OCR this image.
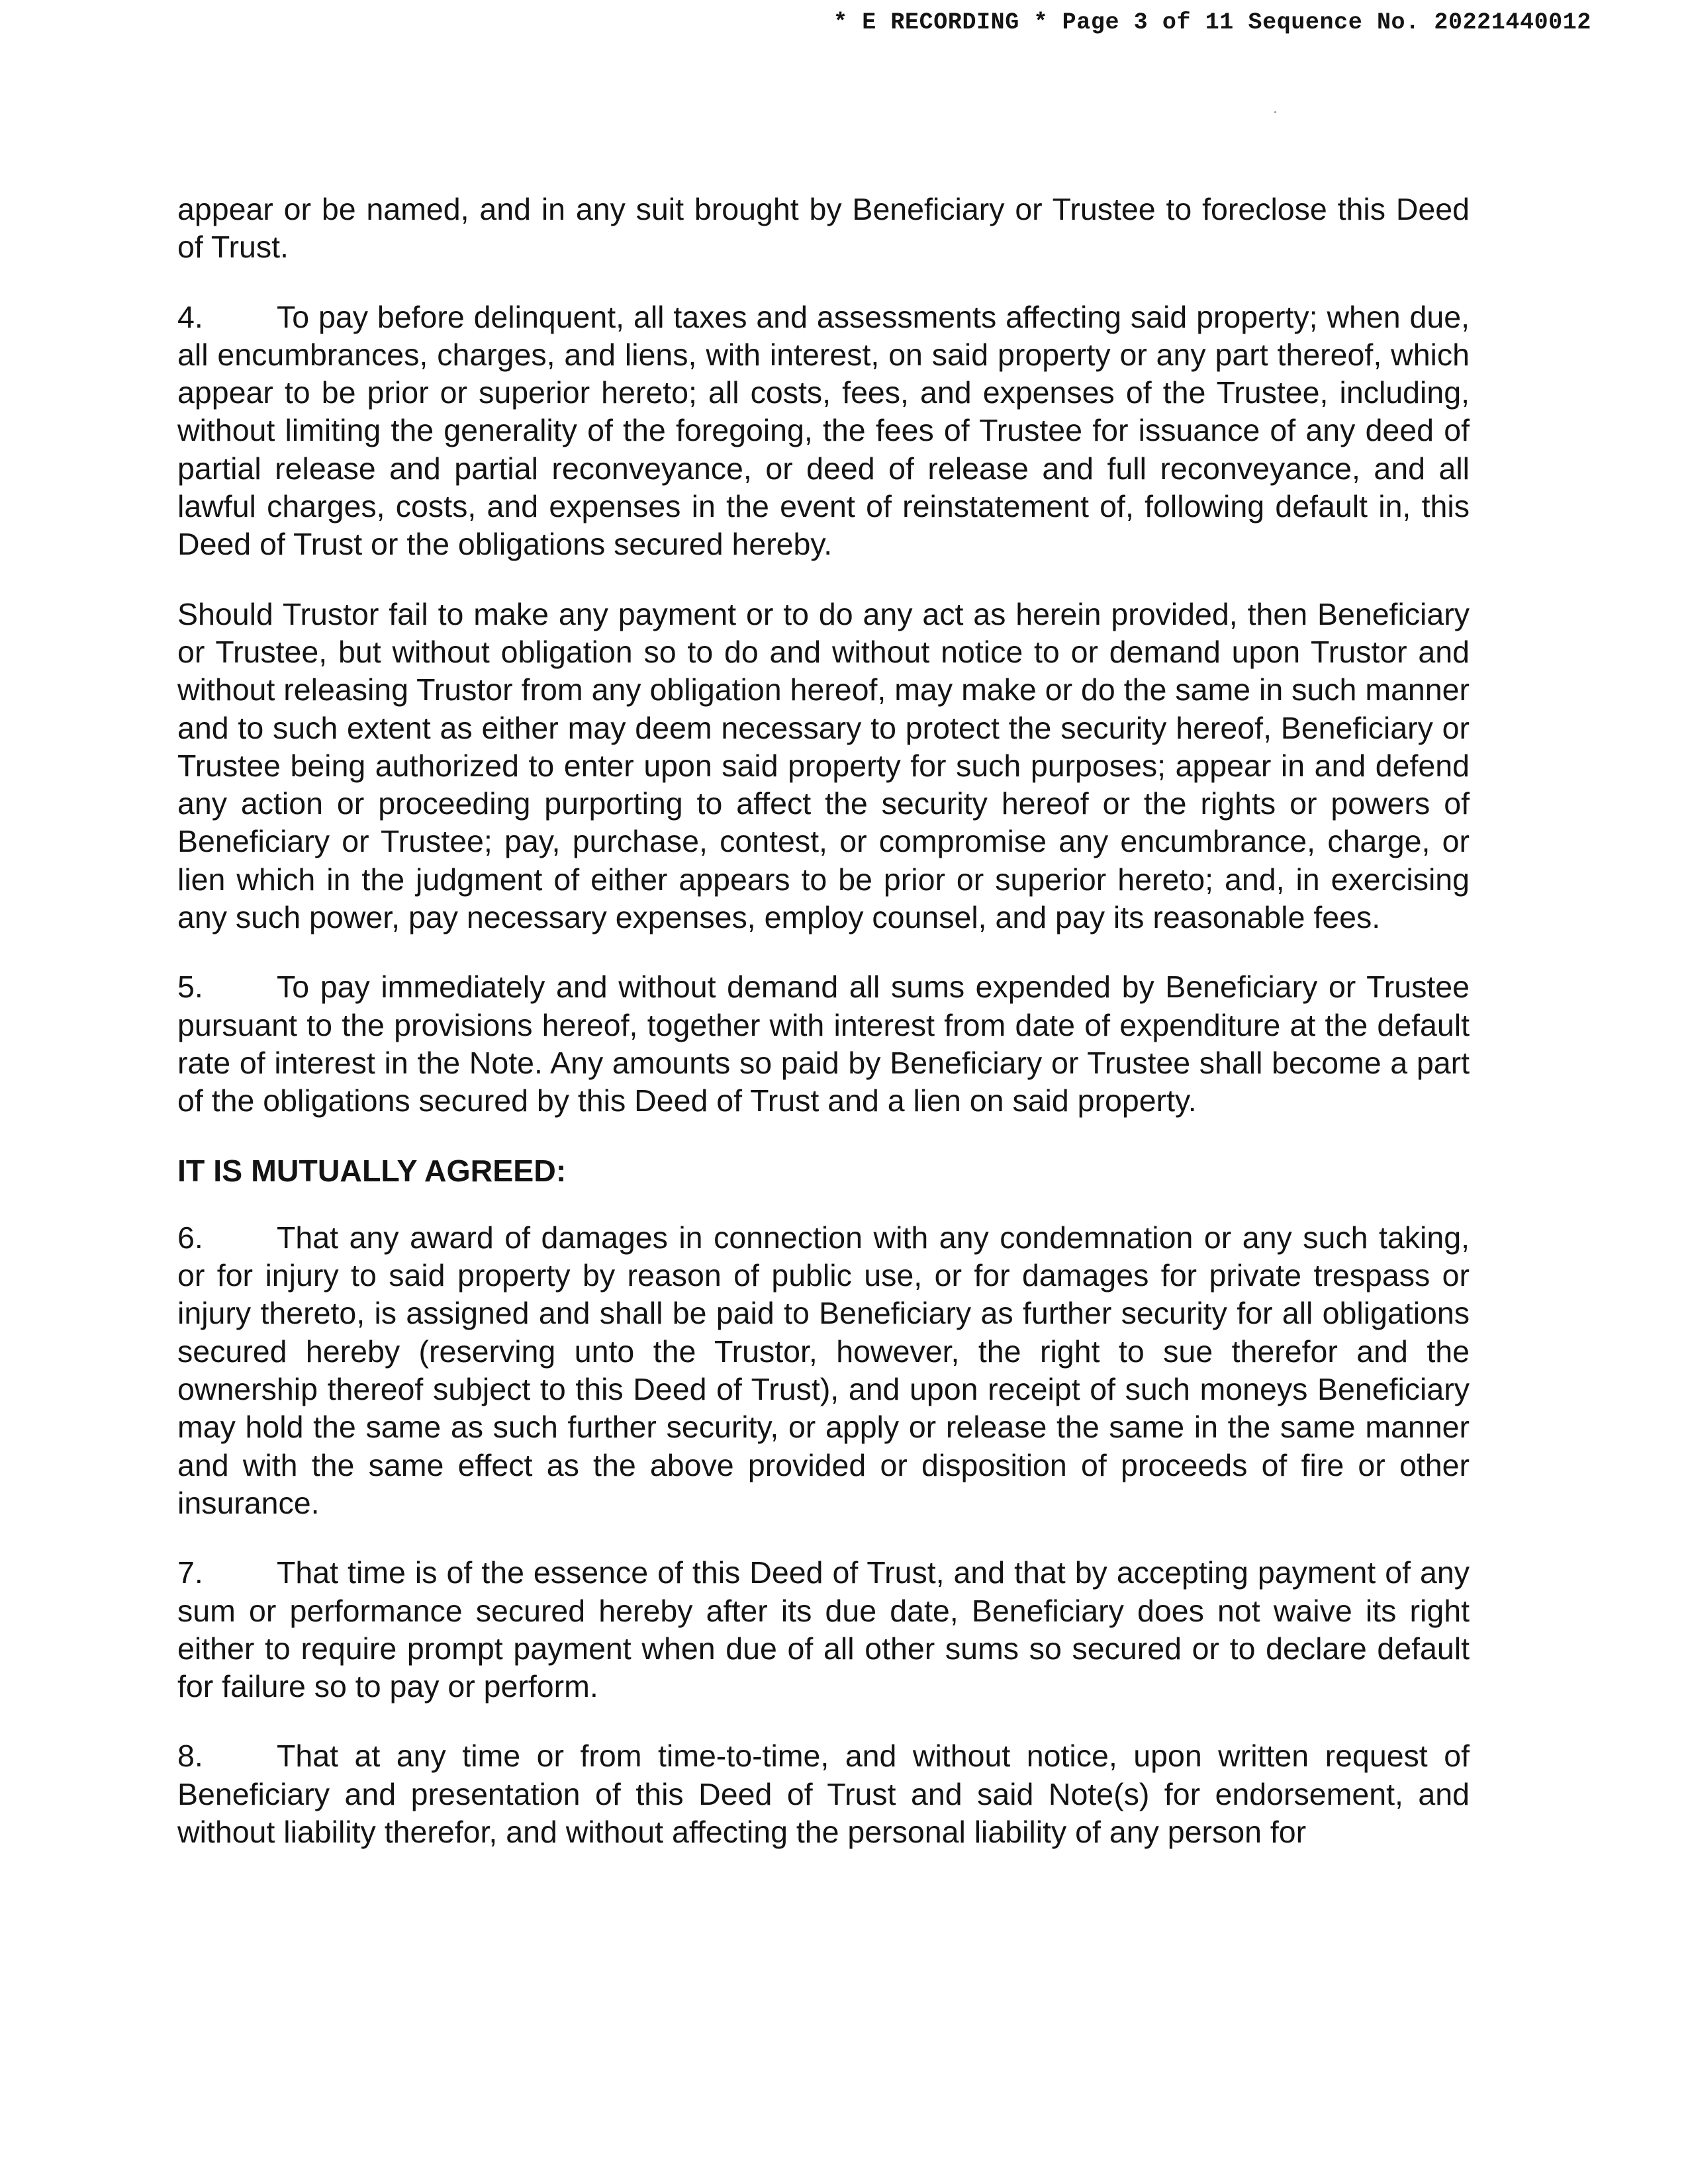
* E RECORDING * Page 3 of 11 Sequence No. 20221440012

appear or be named, and in any suit brought by Beneficiary or Trustee to foreclose this Deed of Trust.

4. To pay before delinquent, all taxes and assessments affecting said property; when due, all encumbrances, charges, and liens, with interest, on said property or any part thereof, which appear to be prior or superior hereto; all costs, fees, and expenses of the Trustee, including, without limiting the generality of the foregoing, the fees of Trustee for issuance of any deed of partial release and partial reconveyance, or deed of release and full reconveyance, and all lawful charges, costs, and expenses in the event of reinstatement of, following default in, this Deed of Trust or the obligations secured hereby.

Should Trustor fail to make any payment or to do any act as herein provided, then Beneficiary or Trustee, but without obligation so to do and without notice to or demand upon Trustor and without releasing Trustor from any obligation hereof, may make or do the same in such manner and to such extent as either may deem necessary to protect the security hereof, Beneficiary or Trustee being authorized to enter upon said property for such purposes; appear in and defend any action or proceeding purporting to affect the security hereof or the rights or powers of Beneficiary or Trustee; pay, purchase, contest, or compromise any encumbrance, charge, or lien which in the judgment of either appears to be prior or superior hereto; and, in exercising any such power, pay necessary expenses, employ counsel, and pay its reasonable fees.

5. To pay immediately and without demand all sums expended by Beneficiary or Trustee pursuant to the provisions hereof, together with interest from date of expenditure at the default rate of interest in the Note. Any amounts so paid by Beneficiary or Trustee shall become a part of the obligations secured by this Deed of Trust and a lien on said property.

IT IS MUTUALLY AGREED:

6. That any award of damages in connection with any condemnation or any such taking, or for injury to said property by reason of public use, or for damages for private trespass or injury thereto, is assigned and shall be paid to Beneficiary as further security for all obligations secured hereby (reserving unto the Trustor, however, the right to sue therefor and the ownership thereof subject to this Deed of Trust), and upon receipt of such moneys Beneficiary may hold the same as such further security, or apply or release the same in the same manner and with the same effect as the above provided or disposition of proceeds of fire or other insurance.

7. That time is of the essence of this Deed of Trust, and that by accepting payment of any sum or performance secured hereby after its due date, Beneficiary does not waive its right either to require prompt payment when due of all other sums so secured or to declare default for failure so to pay or perform.

8. That at any time or from time-to-time, and without notice, upon written request of Beneficiary and presentation of this Deed of Trust and said Note(s) for endorsement, and without liability therefor, and without affecting the personal liability of any person for
